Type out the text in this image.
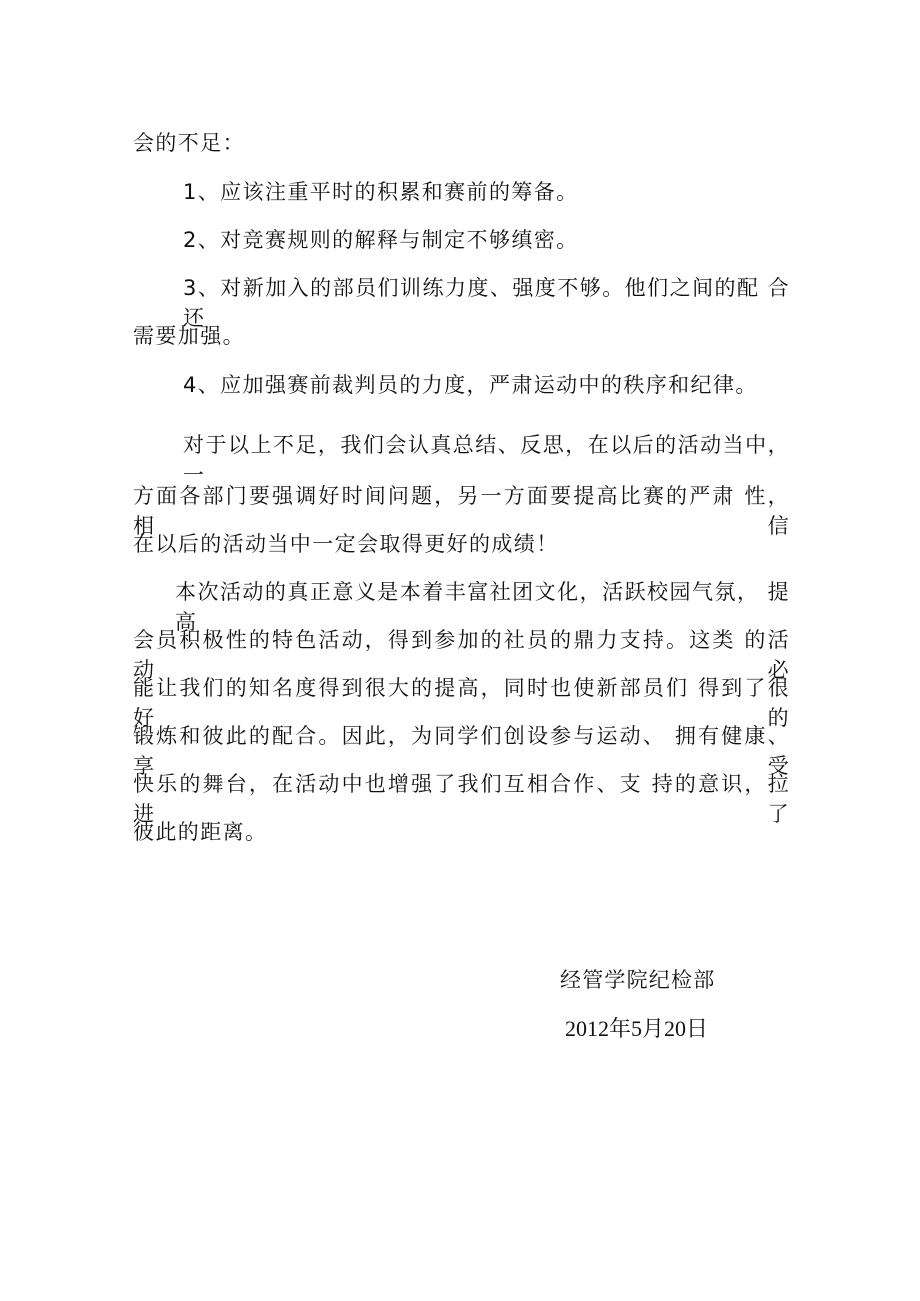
会的不足：
1、应该注重平时的积累和赛前的筹备。
2、对竞赛规则的解释与制定不够缜密。
3、对新加入的部员们训练力度、强度不够。他们之间的配 合还
需要加强。
4、应加强赛前裁判员的力度，严肃运动中的秩序和纪律。
对于以上不足，我们会认真总结、反思，在以后的活动当中， 一
方面各部门要强调好时间问题，另一方面要提高比赛的严肃 性，相信
在以后的活动当中一定会取得更好的成绩！
本次活动的真正意义是本着丰富社团文化，活跃校园气氛， 提高
会员积极性的特色活动，得到参加的社员的鼎力支持。这类 的活动必
能让我们的知名度得到很大的提高，同时也使新部员们 得到了很好的
锻炼和彼此的配合。因此，为同学们创设参与运动、 拥有健康、享受
快乐的舞台，在活动中也增强了我们互相合作、支 持的意识，拉进了
彼此的距离。
经管学院纪检部
2012年5月20日
